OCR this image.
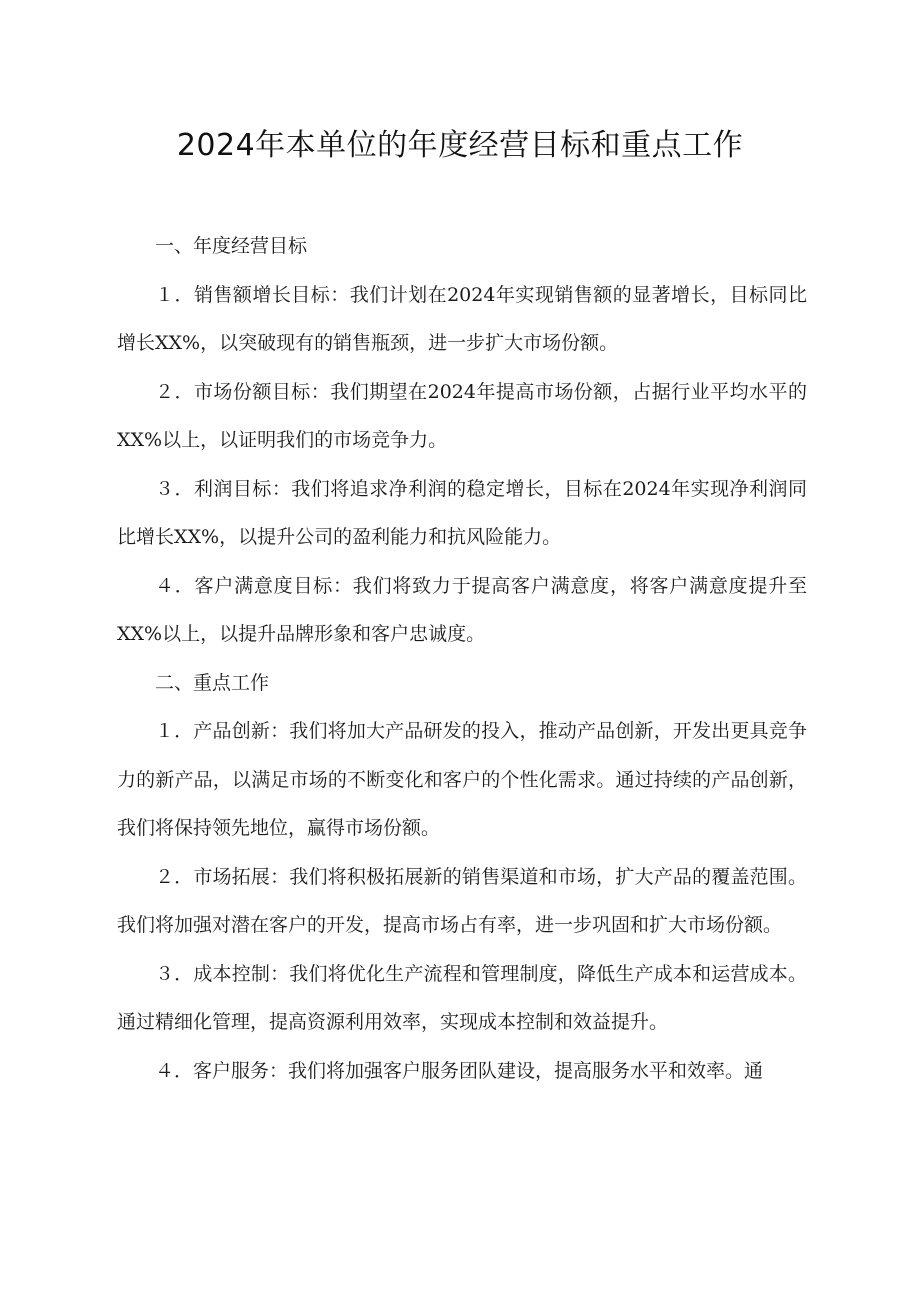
2024年本单位的年度经营目标和重点工作

一、年度经营目标

１．销售额增长目标：我们计划在2024年实现销售额的显著增长，目标同比增长XX%，以突破现有的销售瓶颈，进一步扩大市场份额。

２．市场份额目标：我们期望在2024年提高市场份额，占据行业平均水平的XX%以上，以证明我们的市场竞争力。

３．利润目标：我们将追求净利润的稳定增长，目标在2024年实现净利润同比增长XX%，以提升公司的盈利能力和抗风险能力。

４．客户满意度目标：我们将致力于提高客户满意度，将客户满意度提升至XX%以上，以提升品牌形象和客户忠诚度。

二、重点工作

１．产品创新：我们将加大产品研发的投入，推动产品创新，开发出更具竞争力的新产品，以满足市场的不断变化和客户的个性化需求。通过持续的产品创新，我们将保持领先地位，赢得市场份额。

２．市场拓展：我们将积极拓展新的销售渠道和市场，扩大产品的覆盖范围。我们将加强对潜在客户的开发，提高市场占有率，进一步巩固和扩大市场份额。

３．成本控制：我们将优化生产流程和管理制度，降低生产成本和运营成本。通过精细化管理，提高资源利用效率，实现成本控制和效益提升。

４．客户服务：我们将加强客户服务团队建设，提高服务水平和效率。通
